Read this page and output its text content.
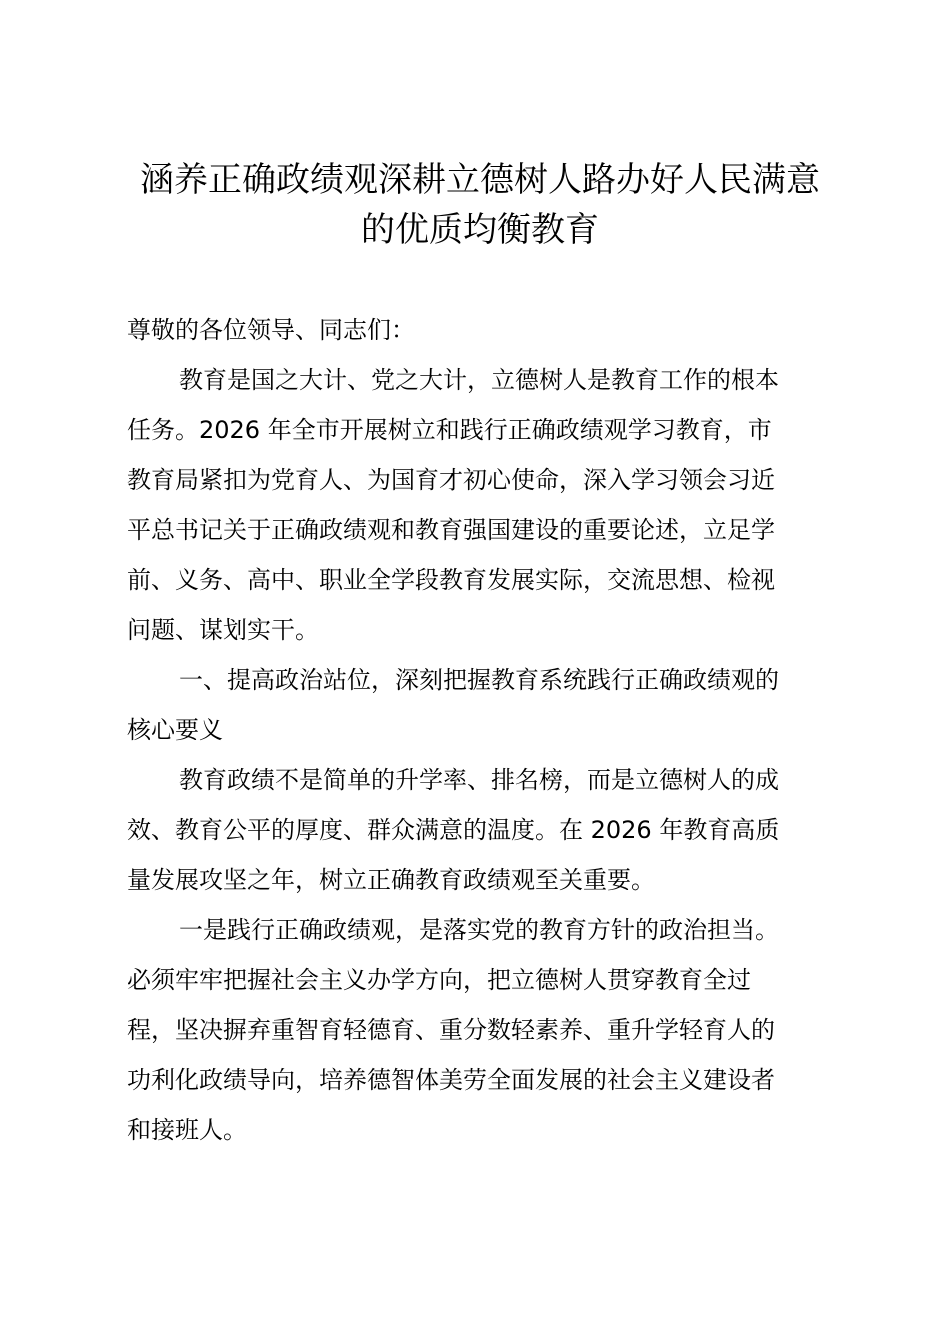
涵养正确政绩观深耕立德树人路办好人民满意
的优质均衡教育
尊敬的各位领导、同志们：
教育是国之大计、党之大计，立德树人是教育工作的根本
任务。2026 年全市开展树立和践行正确政绩观学习教育，市
教育局紧扣为党育人、为国育才初心使命，深入学习领会习近
平总书记关于正确政绩观和教育强国建设的重要论述，立足学
前、义务、高中、职业全学段教育发展实际，交流思想、检视
问题、谋划实干。
一、提高政治站位，深刻把握教育系统践行正确政绩观的
核心要义
教育政绩不是简单的升学率、排名榜，而是立德树人的成
效、教育公平的厚度、群众满意的温度。在 2026 年教育高质
量发展攻坚之年，树立正确教育政绩观至关重要。
一是践行正确政绩观，是落实党的教育方针的政治担当。
必须牢牢把握社会主义办学方向，把立德树人贯穿教育全过
程，坚决摒弃重智育轻德育、重分数轻素养、重升学轻育人的
功利化政绩导向，培养德智体美劳全面发展的社会主义建设者
和接班人。
